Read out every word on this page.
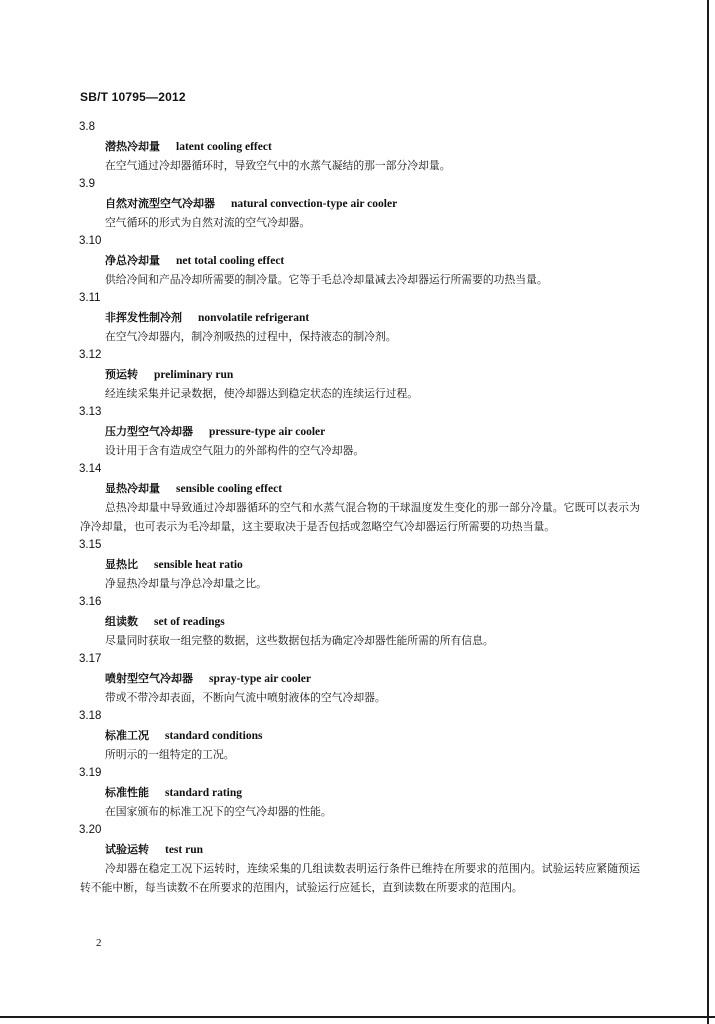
SB/T 10795—2012
3.8
潜热冷却量 latent cooling effect

在空气通过冷却器循环时，导致空气中的水蒸气凝结的那一部分冷却量。

3.9
自然对流型空气冷却器 natural convection-type air cooler

空气循环的形式为自然对流的空气冷却器。

3.10
净总冷却量 net total cooling effect

供给冷间和产品冷却所需要的制冷量。它等于毛总冷却量减去冷却器运行所需要的功热当量。

3.11
非挥发性制冷剂 nonvolatile refrigerant

在空气冷却器内，制冷剂吸热的过程中，保持液态的制冷剂。

3.12
预运转 preliminary run

经连续采集并记录数据，使冷却器达到稳定状态的连续运行过程。

3.13
压力型空气冷却器 pressure-type air cooler

设计用于含有造成空气阻力的外部构件的空气冷却器。

3.14
显热冷却量 sensible cooling effect

总热冷却量中导致通过冷却器循环的空气和水蒸气混合物的干球温度发生变化的那一部分冷量。它既可以表示为净冷却量，也可表示为毛冷却量，这主要取决于是否包括或忽略空气冷却器运行所需要的功热当量。

3.15
显热比 sensible heat ratio

净显热冷却量与净总冷却量之比。

3.16
组读数 set of readings

尽量同时获取一组完整的数据，这些数据包括为确定冷却器性能所需的所有信息。

3.17
喷射型空气冷却器 spray-type air cooler

带或不带冷却表面，不断向气流中喷射液体的空气冷却器。

3.18
标准工况 standard conditions

所明示的一组特定的工况。

3.19
标准性能 standard rating

在国家颁布的标准工况下的空气冷却器的性能。

3.20
试验运转 test run

冷却器在稳定工况下运转时，连续采集的几组读数表明运行条件已维持在所要求的范围内。试验运转应紧随预运转不能中断，每当读数不在所要求的范围内，试验运行应延长，直到读数在所要求的范围内。

2
